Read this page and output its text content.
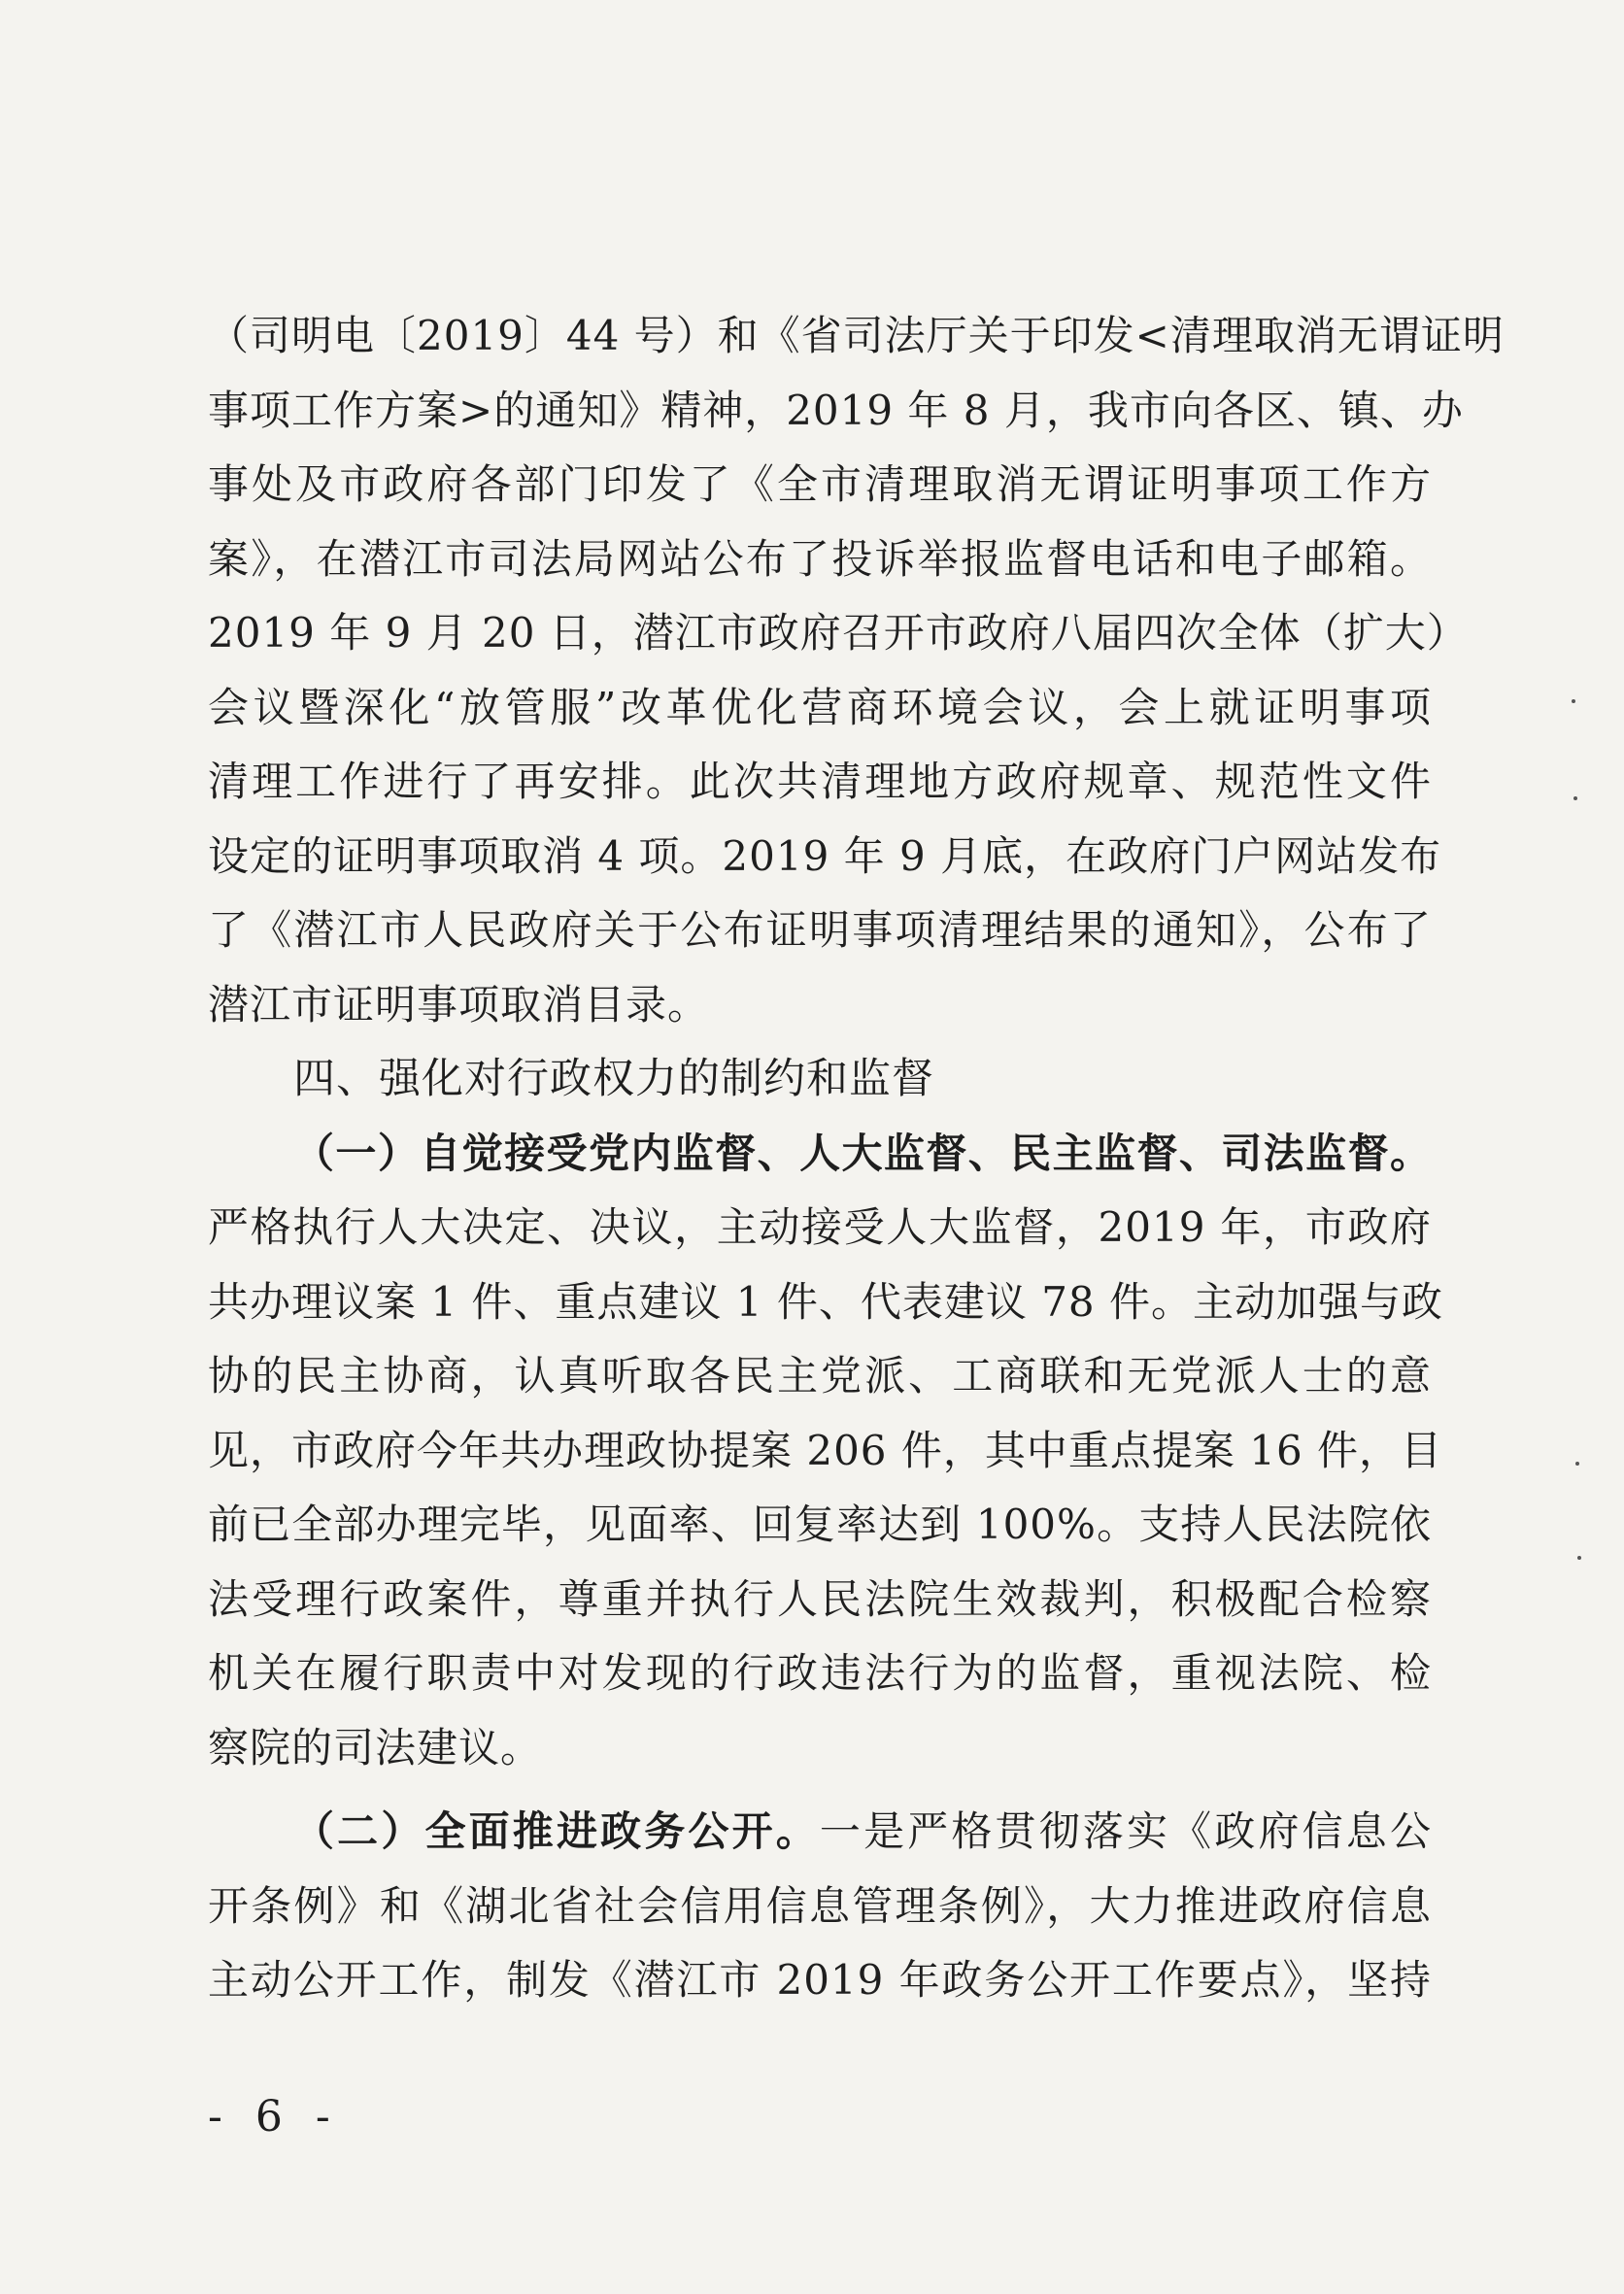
（司明电〔2019〕44 号）和《省司法厅关于印发<清理取消无谓证明
事项工作方案>的通知》精神，2019 年 8 月，我市向各区、镇、办
事处及市政府各部门印发了《全市清理取消无谓证明事项工作方
案》，在潜江市司法局网站公布了投诉举报监督电话和电子邮箱。
2019 年 9 月 20 日，潜江市政府召开市政府八届四次全体（扩大）
会议暨深化“放管服”改革优化营商环境会议，会上就证明事项
清理工作进行了再安排。此次共清理地方政府规章、规范性文件
设定的证明事项取消 4 项。2019 年 9 月底，在政府门户网站发布
了《潜江市人民政府关于公布证明事项清理结果的通知》，公布了
潜江市证明事项取消目录。
四、强化对行政权力的制约和监督
（一）自觉接受党内监督、人大监督、民主监督、司法监督。
严格执行人大决定、决议，主动接受人大监督，2019 年，市政府
共办理议案 1 件、重点建议 1 件、代表建议 78 件。主动加强与政
协的民主协商，认真听取各民主党派、工商联和无党派人士的意
见，市政府今年共办理政协提案 206 件，其中重点提案 16 件，目
前已全部办理完毕，见面率、回复率达到 100%。支持人民法院依
法受理行政案件，尊重并执行人民法院生效裁判，积极配合检察
机关在履行职责中对发现的行政违法行为的监督，重视法院、检
察院的司法建议。
（二）全面推进政务公开。一是严格贯彻落实《政府信息公
开条例》和《湖北省社会信用信息管理条例》，大力推进政府信息
主动公开工作，制发《潜江市 2019 年政务公开工作要点》，坚持
- 6 -
